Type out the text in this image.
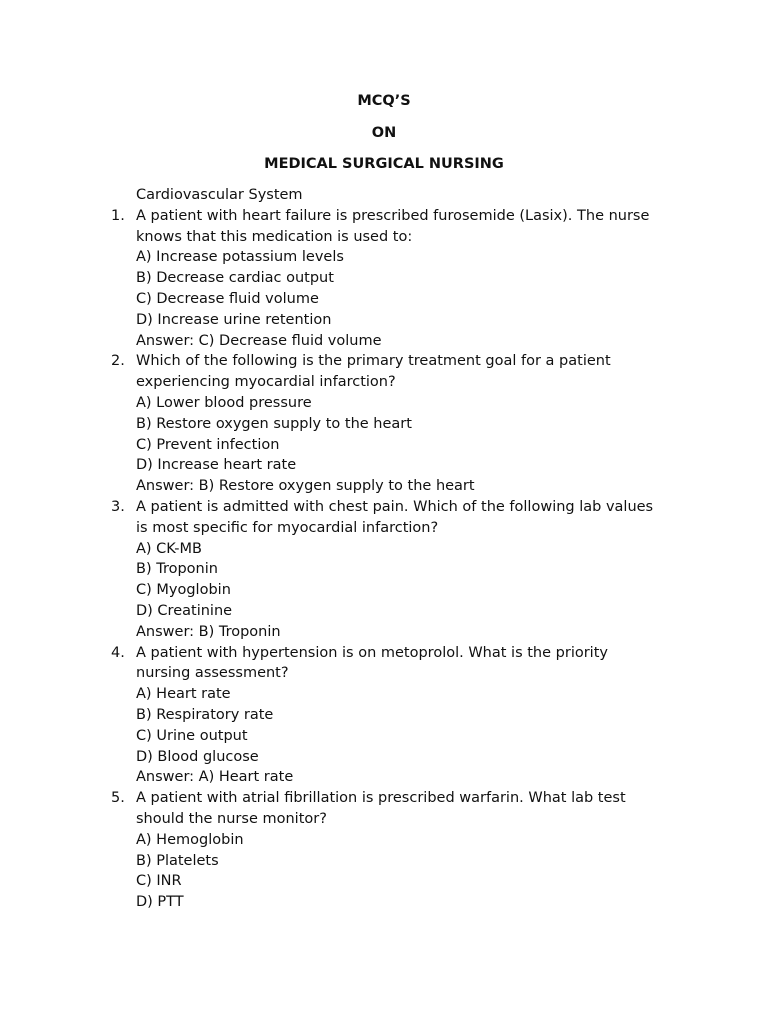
MCQ’S
ON
MEDICAL SURGICAL NURSING
Cardiovascular System
1. A patient with heart failure is prescribed furosemide (Lasix). The nurse
knows that this medication is used to:
A) Increase potassium levels
B) Decrease cardiac output
C) Decrease fluid volume
D) Increase urine retention
Answer: C) Decrease fluid volume
2. Which of the following is the primary treatment goal for a patient
experiencing myocardial infarction?
A) Lower blood pressure
B) Restore oxygen supply to the heart
C) Prevent infection
D) Increase heart rate
Answer: B) Restore oxygen supply to the heart
3. A patient is admitted with chest pain. Which of the following lab values
is most specific for myocardial infarction?
A) CK-MB
B) Troponin
C) Myoglobin
D) Creatinine
Answer: B) Troponin
4. A patient with hypertension is on metoprolol. What is the priority
nursing assessment?
A) Heart rate
B) Respiratory rate
C) Urine output
D) Blood glucose
Answer: A) Heart rate
5. A patient with atrial fibrillation is prescribed warfarin. What lab test
should the nurse monitor?
A) Hemoglobin
B) Platelets
C) INR
D) PTT
